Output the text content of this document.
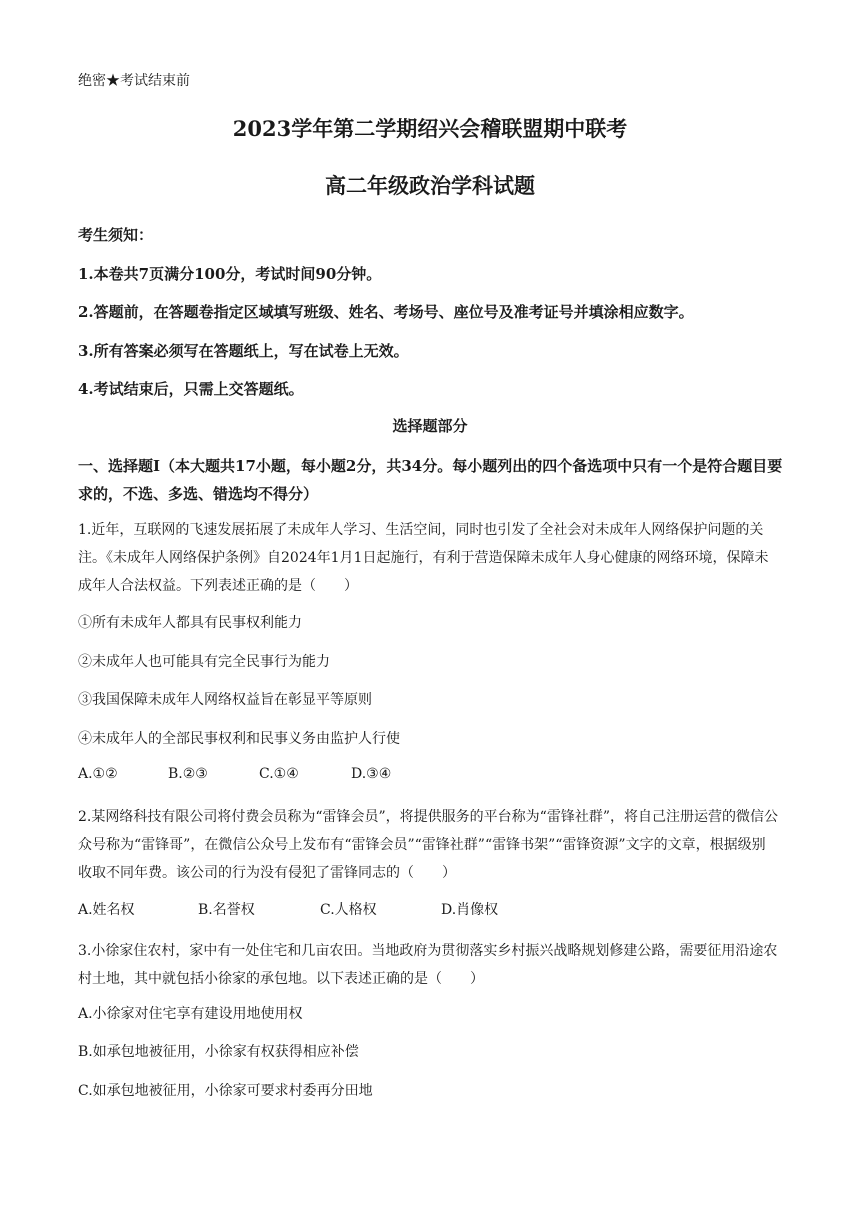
绝密★考试结束前
2023学年第二学期绍兴会稽联盟期中联考
高二年级政治学科试题
考生须知：
1.本卷共7页满分100分，考试时间90分钟。
2.答题前，在答题卷指定区域填写班级、姓名、考场号、座位号及准考证号并填涂相应数字。
3.所有答案必须写在答题纸上，写在试卷上无效。
4.考试结束后，只需上交答题纸。
选择题部分
一、选择题Ⅰ（本大题共17小题，每小题2分，共34分。每小题列出的四个备选项中只有一个是符合题目要求的，不选、多选、错选均不得分）
1.近年，互联网的飞速发展拓展了未成年人学习、生活空间，同时也引发了全社会对未成年人网络保护问题的关注。《未成年人网络保护条例》自2024年1月1日起施行，有利于营造保障未成年人身心健康的网络环境，保障未成年人合法权益。下列表述正确的是（　　）
①所有未成年人都具有民事权利能力
②未成年人也可能具有完全民事行为能力
③我国保障未成年人网络权益旨在彰显平等原则
④未成年人的全部民事权利和民事义务由监护人行使
A.①②	B.②③	C.①④	D.③④
2.某网络科技有限公司将付费会员称为“雷锋会员”，将提供服务的平台称为“雷锋社群”，将自己注册运营的微信公众号称为“雷锋哥”，在微信公众号上发布有“雷锋会员”“雷锋社群”“雷锋书架”“雷锋资源”文字的文章，根据级别收取不同年费。该公司的行为没有侵犯了雷锋同志的（　　）
A.姓名权	B.名誉权	C.人格权	D.肖像权
3.小徐家住农村，家中有一处住宅和几亩农田。当地政府为贯彻落实乡村振兴战略规划修建公路，需要征用沿途农村土地，其中就包括小徐家的承包地。以下表述正确的是（　　）
A.小徐家对住宅享有建设用地使用权
B.如承包地被征用，小徐家有权获得相应补偿
C.如承包地被征用，小徐家可要求村委再分田地
